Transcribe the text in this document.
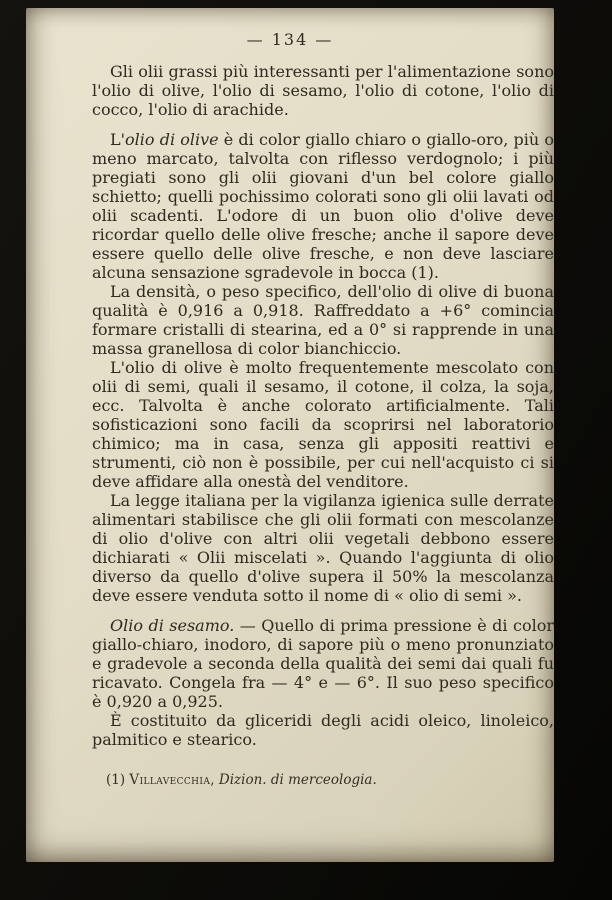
— 134 —

Gli olii grassi più interessanti per l'alimentazione sono l'olio di olive, l'olio di sesamo, l'olio di cotone, l'olio di cocco, l'olio di arachide.

L'olio di olive è di color giallo chiaro o giallo-oro, più o meno marcato, talvolta con riflesso verdognolo; i più pregiati sono gli olii giovani d'un bel colore giallo schietto; quelli pochissimo colorati sono gli olii lavati od olii scadenti. L'odore di un buon olio d'olive deve ricordar quello delle olive fresche; anche il sapore deve essere quello delle olive fresche, e non deve lasciare alcuna sensazione sgradevole in bocca (1).

La densità, o peso specifico, dell'olio di olive di buona qualità è 0,916 a 0,918. Raffreddato a +6° comincia formare cristalli di stearina, ed a 0° si rapprende in una massa granellosa di color bianchiccio.

L'olio di olive è molto frequentemente mescolato con olii di semi, quali il sesamo, il cotone, il colza, la soja, ecc. Talvolta è anche colorato artificialmente. Tali sofisticazioni sono facili da scoprirsi nel laboratorio chimico; ma in casa, senza gli appositi reattivi e strumenti, ciò non è possibile, per cui nell'acquisto ci si deve affidare alla onestà del venditore.

La legge italiana per la vigilanza igienica sulle derrate alimentari stabilisce che gli olii formati con mescolanze di olio d'olive con altri olii vegetali debbono essere dichiarati « Olii miscelati ». Quando l'aggiunta di olio diverso da quello d'olive supera il 50% la mescolanza deve essere venduta sotto il nome di « olio di semi ».

Olio di sesamo. — Quello di prima pressione è di color giallo-chiaro, inodoro, di sapore più o meno pronunziato e gradevole a seconda della qualità dei semi dai quali fu ricavato. Congela fra — 4° e — 6°. Il suo peso specifico è 0,920 a 0,925.

È costituito da gliceridi degli acidi oleico, linoleico, palmitico e stearico.

(1) Villavecchia, Dizion. di merceologia.
